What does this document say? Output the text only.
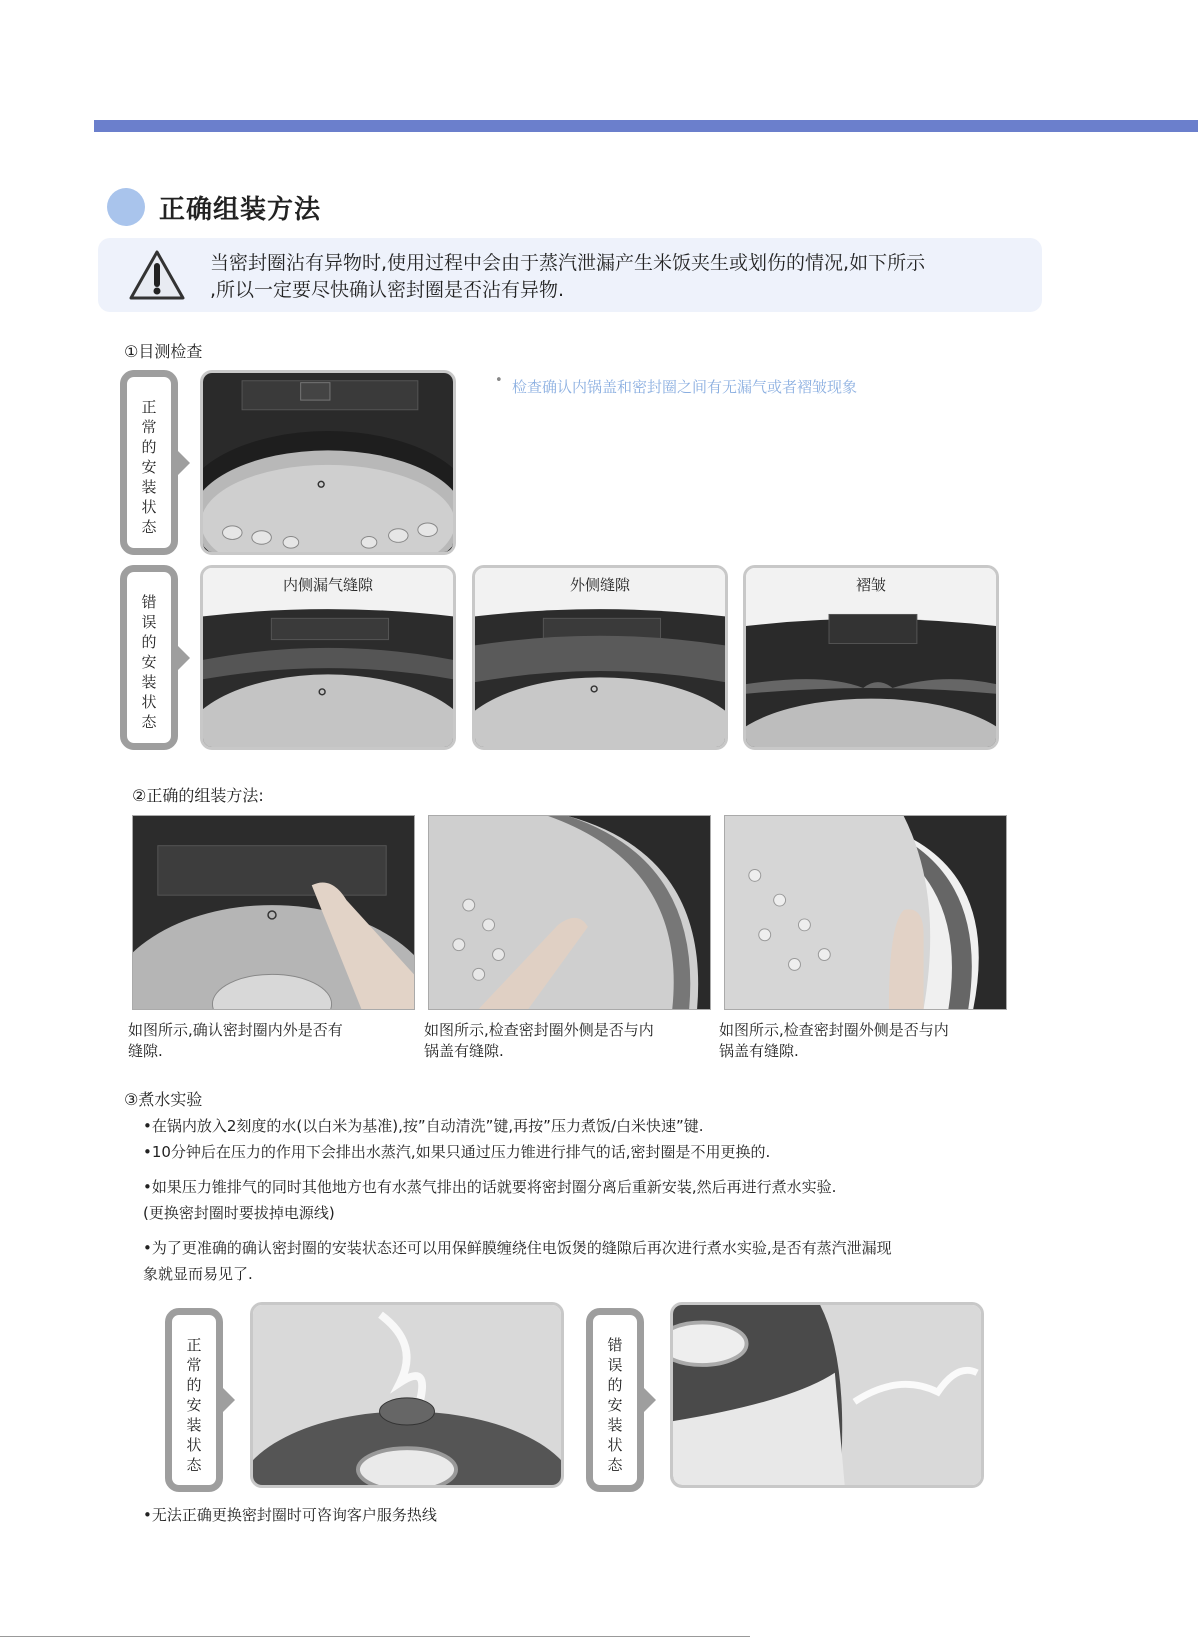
正确组装方法
当密封圈沾有异物时,使用过程中会由于蒸汽泄漏产生米饭夹生或划伤的情况,如下所示
,所以一定要尽快确认密封圈是否沾有异物.
①目测检查
正
常
的
安
装
状
态
• 检查确认内锅盖和密封圈之间有无漏气或者褶皱现象
错
误
的
安
装
状
态
内侧漏气缝隙	外侧缝隙	褶皱
②正确的组装方法:
如图所示,确认密封圈内外是否有
缝隙.
如图所示,检查密封圈外侧是否与内
锅盖有缝隙.
如图所示,检查密封圈外侧是否与内
锅盖有缝隙.
③煮水实验
•在锅内放入2刻度的水(以白米为基准),按”自动清洗”键,再按”压力煮饭/白米快速”键.
•10分钟后在压力的作用下会排出水蒸汽,如果只通过压力锥进行排气的话,密封圈是不用更换的.
•如果压力锥排气的同时其他地方也有水蒸气排出的话就要将密封圈分离后重新安装,然后再进行煮水实验.
(更换密封圈时要拔掉电源线)
•为了更准确的确认密封圈的安装状态还可以用保鲜膜缠绕住电饭煲的缝隙后再次进行煮水实验,是否有蒸汽泄漏现
象就显而易见了.
正
常
的
安
装
状
态
错
误
的
安
装
状
态
•无法正确更换密封圈时可咨询客户服务热线
